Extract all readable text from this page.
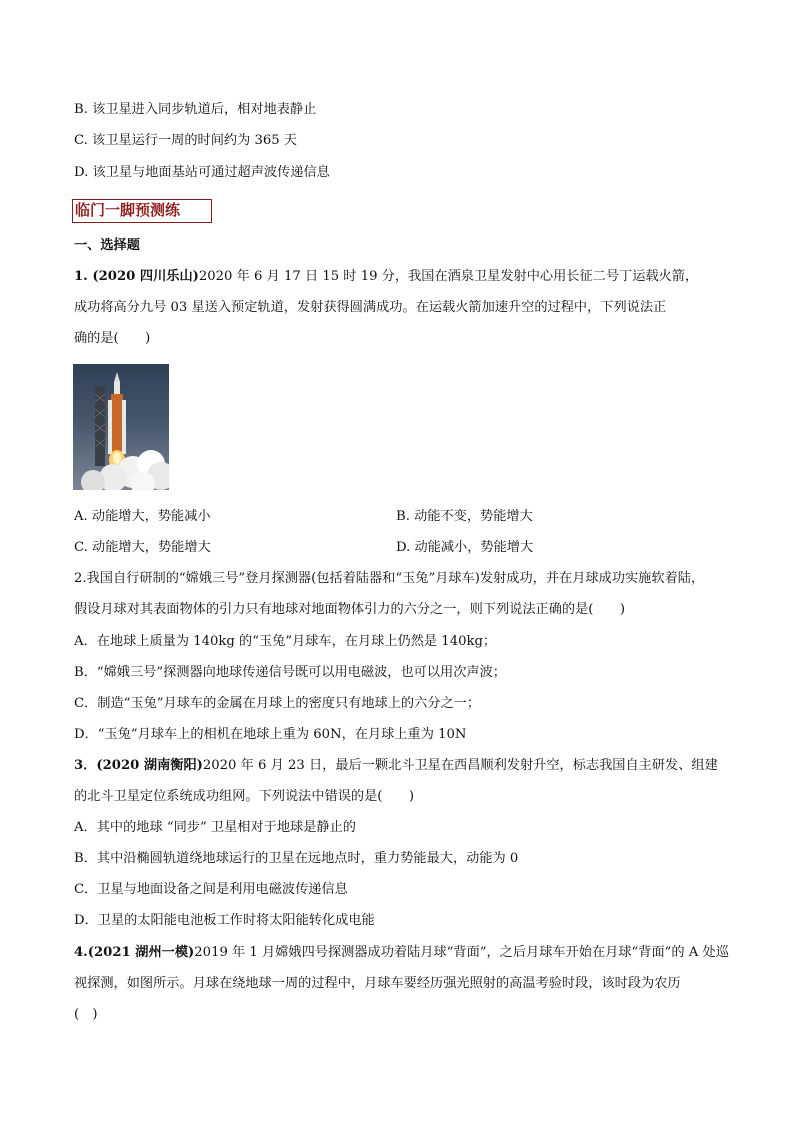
B. 该卫星进入同步轨道后，相对地表静止
C. 该卫星运行一周的时间约为 365 天
D. 该卫星与地面基站可通过超声波传递信息
临门一脚预测练
一、选择题
1. (2020 四川乐山)2020 年 6 月 17 日 15 时 19 分，我国在酒泉卫星发射中心用长征二号丁运载火箭，
成功将高分九号 03 星送入预定轨道，发射获得圆满成功。在运载火箭加速升空的过程中，下列说法正
确的是(　　)
A. 动能增大，势能减小	B. 动能不变，势能增大
C. 动能增大，势能增大	D. 动能减小，势能增大
2.我国自行研制的“嫦娥三号”登月探测器(包括着陆器和“玉兔”月球车)发射成功，并在月球成功实施软着陆，
假设月球对其表面物体的引力只有地球对地面物体引力的六分之一，则下列说法正确的是(　　)
A．在地球上质量为 140kg 的“玉兔”月球车，在月球上仍然是 140kg；
B．“嫦娥三号”探测器向地球传递信号既可以用电磁波，也可以用次声波；
C．制造“玉兔”月球车的金属在月球上的密度只有地球上的六分之一；
D．“玉兔”月球车上的相机在地球上重为 60N，在月球上重为 10N
3．(2020 湖南衡阳)2020 年 6 月 23 日，最后一颗北斗卫星在西昌顺利发射升空，标志我国自主研发、组建
的北斗卫星定位系统成功组网。下列说法中错误的是(　　)
A．其中的地球 “同步” 卫星相对于地球是静止的
B．其中沿椭圆轨道绕地球运行的卫星在远地点时，重力势能最大，动能为 0
C．卫星与地面设备之间是利用电磁波传递信息
D．卫星的太阳能电池板工作时将太阳能转化成电能
4.(2021 湖州一模)2019 年 1 月嫦娥四号探测器成功着陆月球“背面”，之后月球车开始在月球“背面”的 A 处巡
视探测，如图所示。月球在绕地球一周的过程中，月球车要经历强光照射的高温考验时段，该时段为农历
(　)
